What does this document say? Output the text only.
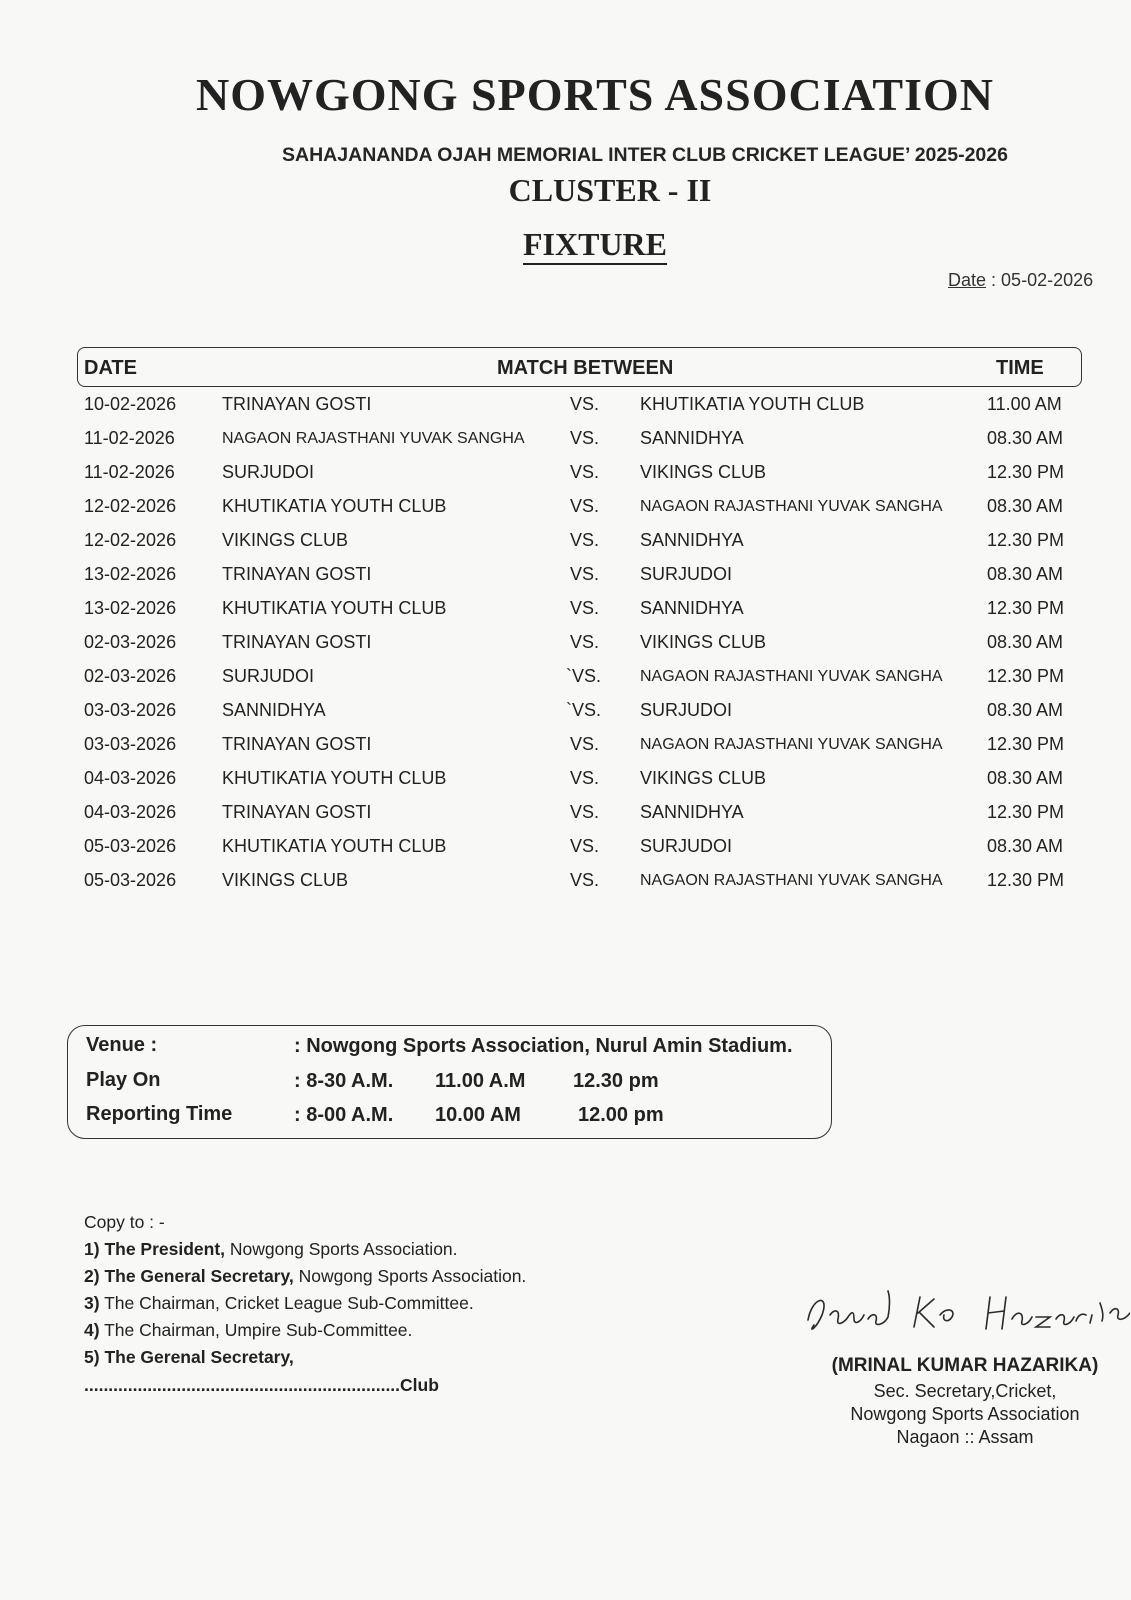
NOWGONG SPORTS ASSOCIATION
SAHAJANANDA OJAH MEMORIAL INTER CLUB CRICKET LEAGUE’ 2025-2026
CLUSTER - II
FIXTURE
Date : 05-02-2026
DATE	MATCH BETWEEN	TIME
10-02-2026	TRINAYAN GOSTI	VS. KHUTIKATIA YOUTH CLUB	11.00 AM
11-02-2026	NAGAON RAJASTHANI YUVAK SANGHA	VS. SANNIDHYA	08.30 AM
11-02-2026	SURJUDOI	VS. VIKINGS CLUB	12.30 PM
12-02-2026	KHUTIKATIA YOUTH CLUB	VS.	NAGAON RAJASTHANI YUVAK SANGHA 08.30 AM
12-02-2026	VIKINGS CLUB	VS. SANNIDHYA	12.30 PM
13-02-2026	TRINAYAN GOSTI	VS. SURJUDOI	08.30 AM
13-02-2026	KHUTIKATIA YOUTH CLUB	VS. SANNIDHYA	12.30 PM
02-03-2026	TRINAYAN GOSTI	VS. VIKINGS CLUB	08.30 AM
02-03-2026	SURJUDOI	`VS. NAGAON RAJASTHANI YUVAK SANGHA 12.30 PM
03-03-2026	SANNIDHYA	`VS. SURJUDOI	08.30 AM
03-03-2026	TRINAYAN GOSTI	VS.	NAGAON RAJASTHANI YUVAK SANGHA 12.30 PM
04-03-2026	KHUTIKATIA YOUTH CLUB	VS. VIKINGS CLUB	08.30 AM
04-03-2026	TRINAYAN GOSTI	VS. SANNIDHYA	12.30 PM
05-03-2026	KHUTIKATIA YOUTH CLUB	VS. SURJUDOI	08.30 AM
05-03-2026	VIKINGS CLUB	VS.	NAGAON RAJASTHANI YUVAK SANGHA 12.30 PM
Venue :	: Nowgong Sports Association, Nurul Amin Stadium.
Play On	: 8-30 A.M. 11.00 A.M 12.30 pm
Reporting Time	: 8-00 A.M. 10.00 AM	12.00 pm
Copy to : -
1) The President, Nowgong Sports Association.
2) The General Secretary, Nowgong Sports Association.
3) The Chairman, Cricket League Sub-Committee.
4) The Chairman, Umpire Sub-Committee.
5) The Gerenal Secretary,
.................................................................Club
(MRINAL KUMAR HAZARIKA)
Sec. Secretary,Cricket,
Nowgong Sports Association
Nagaon :: Assam
